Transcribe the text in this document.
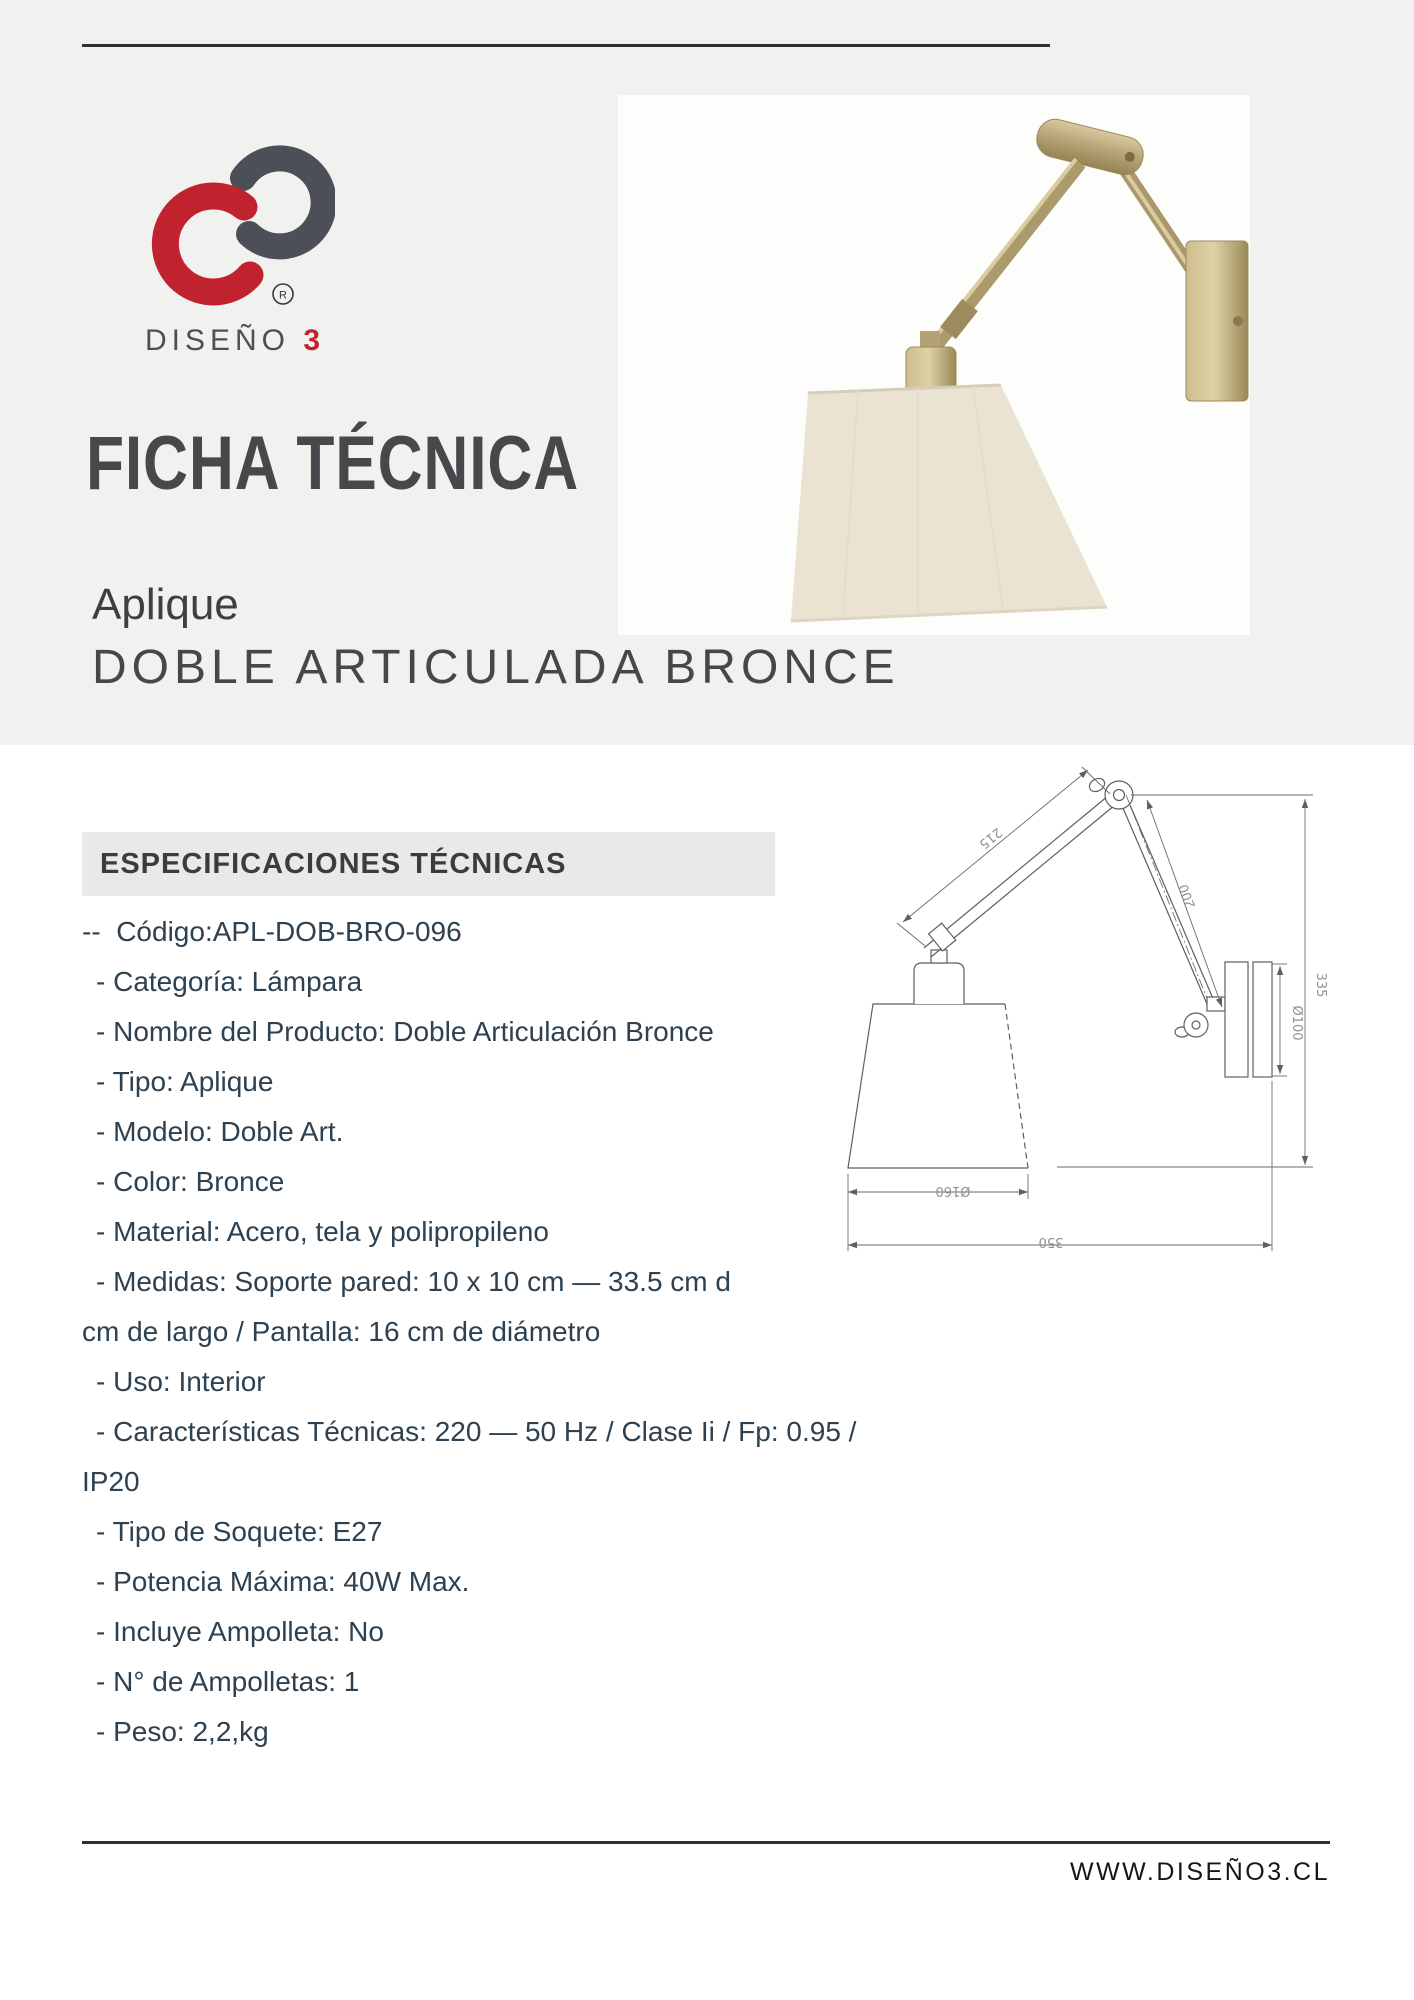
R
DISEÑO 3
FICHA TÉCNICA
Aplique
DOBLE ARTICULADA BRONCE
ESPECIFICACIONES TÉCNICAS
--  Código:APL-DOB-BRO-096
- Categoría: Lámpara
- Nombre del Producto: Doble Articulación Bronce
- Tipo: Aplique
- Modelo: Doble Art.
- Color: Bronce
- Material: Acero, tela y polipropileno
- Medidas: Soporte pared: 10 x 10 cm — 33.5 cm d
cm de largo / Pantalla: 16 cm de diámetro
- Uso: Interior
- Características Técnicas: 220 — 50 Hz / Clase Ii / Fp: 0.95 /
IP20
- Tipo de Soquete: E27
- Potencia Máxima: 40W Max.
- Incluye Ampolleta: No
- N° de Ampolletas: 1
- Peso: 2,2,kg
215
200
335
Ø100
Ø160
350
WWW.DISEÑO3.CL
